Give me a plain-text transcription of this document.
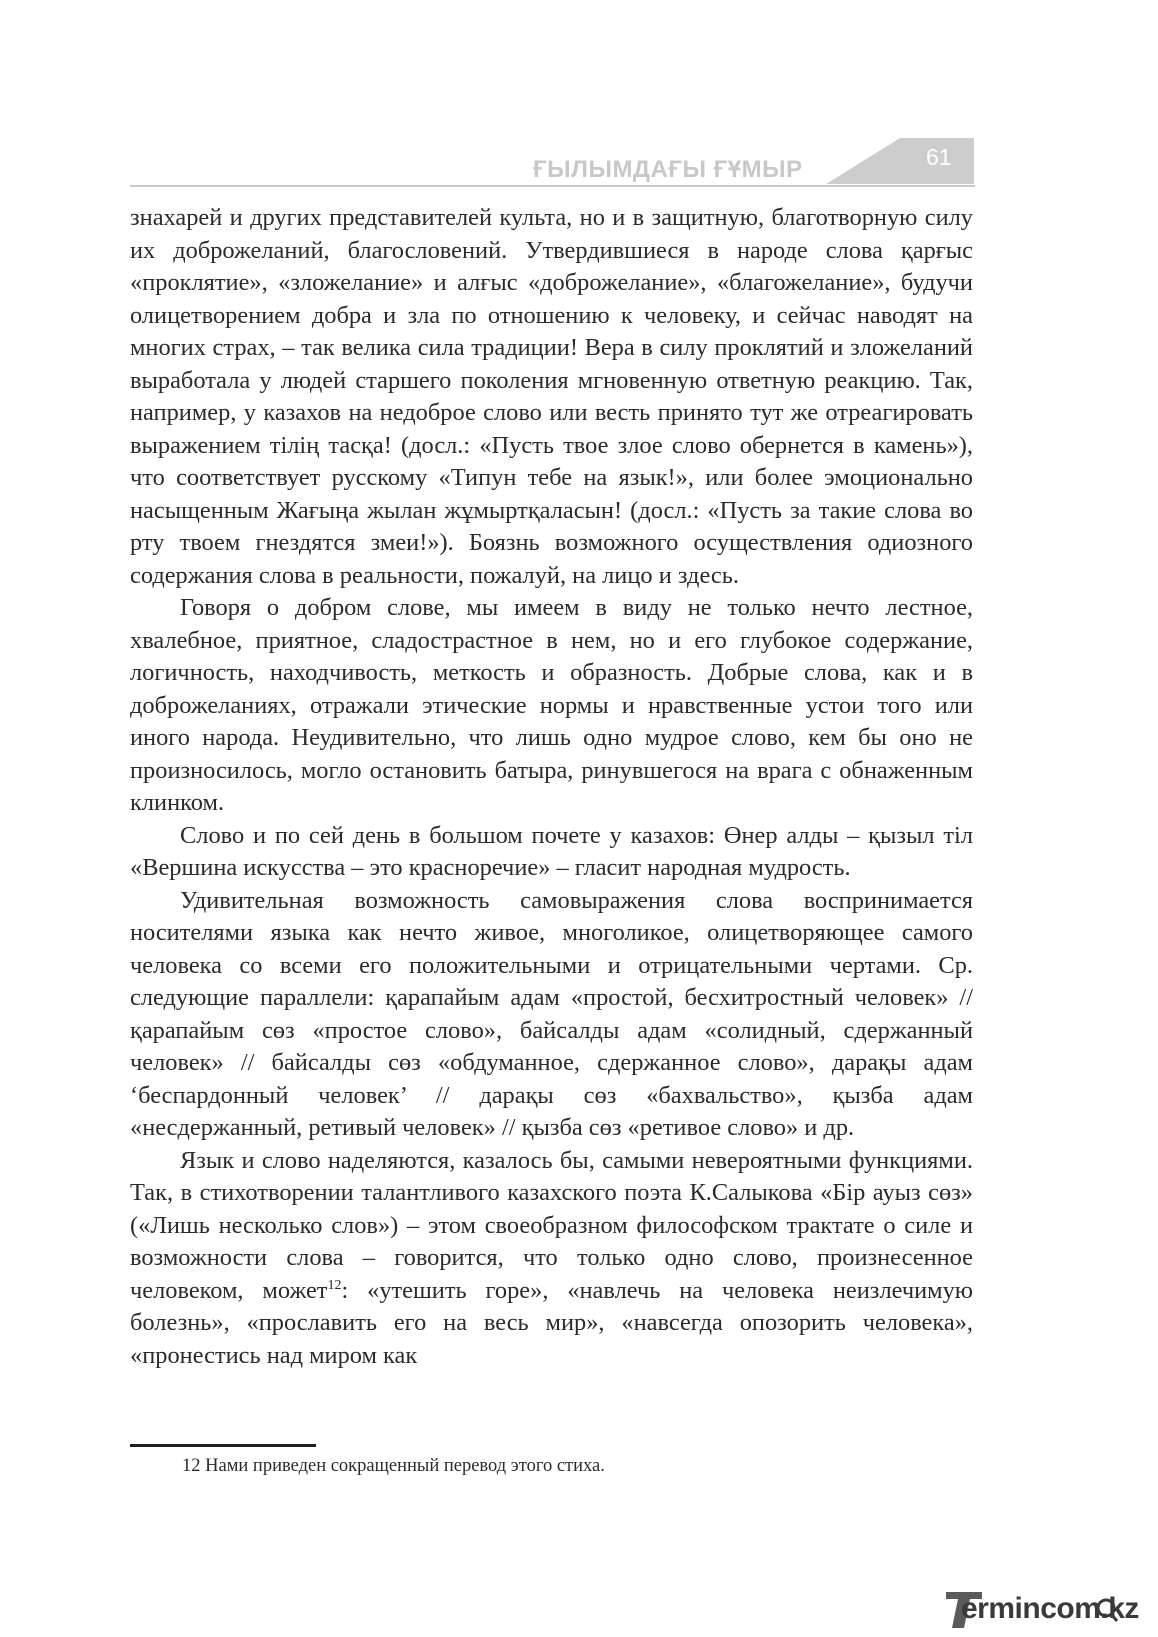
ҒЫЛЫМДАҒЫ ҒҰМЫР	61

знахарей и других представителей культа, но и в защитную, благотворную силу их доброжеланий, благословений. Утвердившиеся в народе слова қарғыс «проклятие», «зложелание» и алғыс «доброжелание», «благожелание», будучи олицетворением добра и зла по отношению к человеку, и сейчас наводят на многих страх, – так велика сила традиции! Вера в силу проклятий и зложеланий выработала у людей старшего поколения мгновенную ответную реакцию. Так, например, у казахов на недоброе слово или весть принято тут же отреагировать выражением тілің тасқа! (досл.: «Пусть твое злое слово обернется в камень»), что соответствует русскому «Типун тебе на язык!», или более эмоционально насыщенным Жағыңа жылан жұмыртқаласын! (досл.: «Пусть за такие слова во рту твоем гнездятся змеи!»). Боязнь возможного осуществления одиозного содержания слова в реальности, пожалуй, на лицо и здесь.

Говоря о добром слове, мы имеем в виду не только нечто лестное, хвалебное, приятное, сладострастное в нем, но и его глубокое содержание, логичность, находчивость, меткость и образность. Добрые слова, как и в доброжеланиях, отражали этические нормы и нравственные устои того или иного народа. Неудивительно, что лишь одно мудрое слово, кем бы оно не произносилось, могло остановить батыра, ринувшегося на врага с обнаженным клинком.

Слово и по сей день в большом почете у казахов: Өнер алды – қызыл тіл «Вершина искусства – это красноречие» – гласит народная мудрость.

Удивительная возможность самовыражения слова воспринимается носителями языка как нечто живое, многоликое, олицетворяющее самого человека со всеми его положительными и отрицательными чертами. Ср. следующие параллели: қарапайым адам «простой, бесхитростный человек» // қарапайым сөз «простое слово», байсалды адам «солидный, сдержанный человек» // байсалды сөз «обдуманное, сдержанное слово», дарақы адам ‘беспардонный человек’ // дарақы сөз «бахвальство», қызба адам «несдержанный, ретивый человек» // қызба сөз «ретивое слово» и др.

Язык и слово наделяются, казалось бы, самыми невероятными функциями. Так, в стихотворении талантливого казахского поэта К.Салыкова «Бір ауыз сөз» («Лишь несколько слов») – этом своеобразном философском трактате о силе и возможности слова – говорится, что только одно слово, произнесенное человеком, может$^{12}$: «утешить горе», «навлечь на человека неизлечимую болезнь», «прославить его на весь мир», «навсегда опозорить человека», «пронестись над миром как

12 Нами приведен сокращенный перевод этого стиха.
ermincоm.kz
